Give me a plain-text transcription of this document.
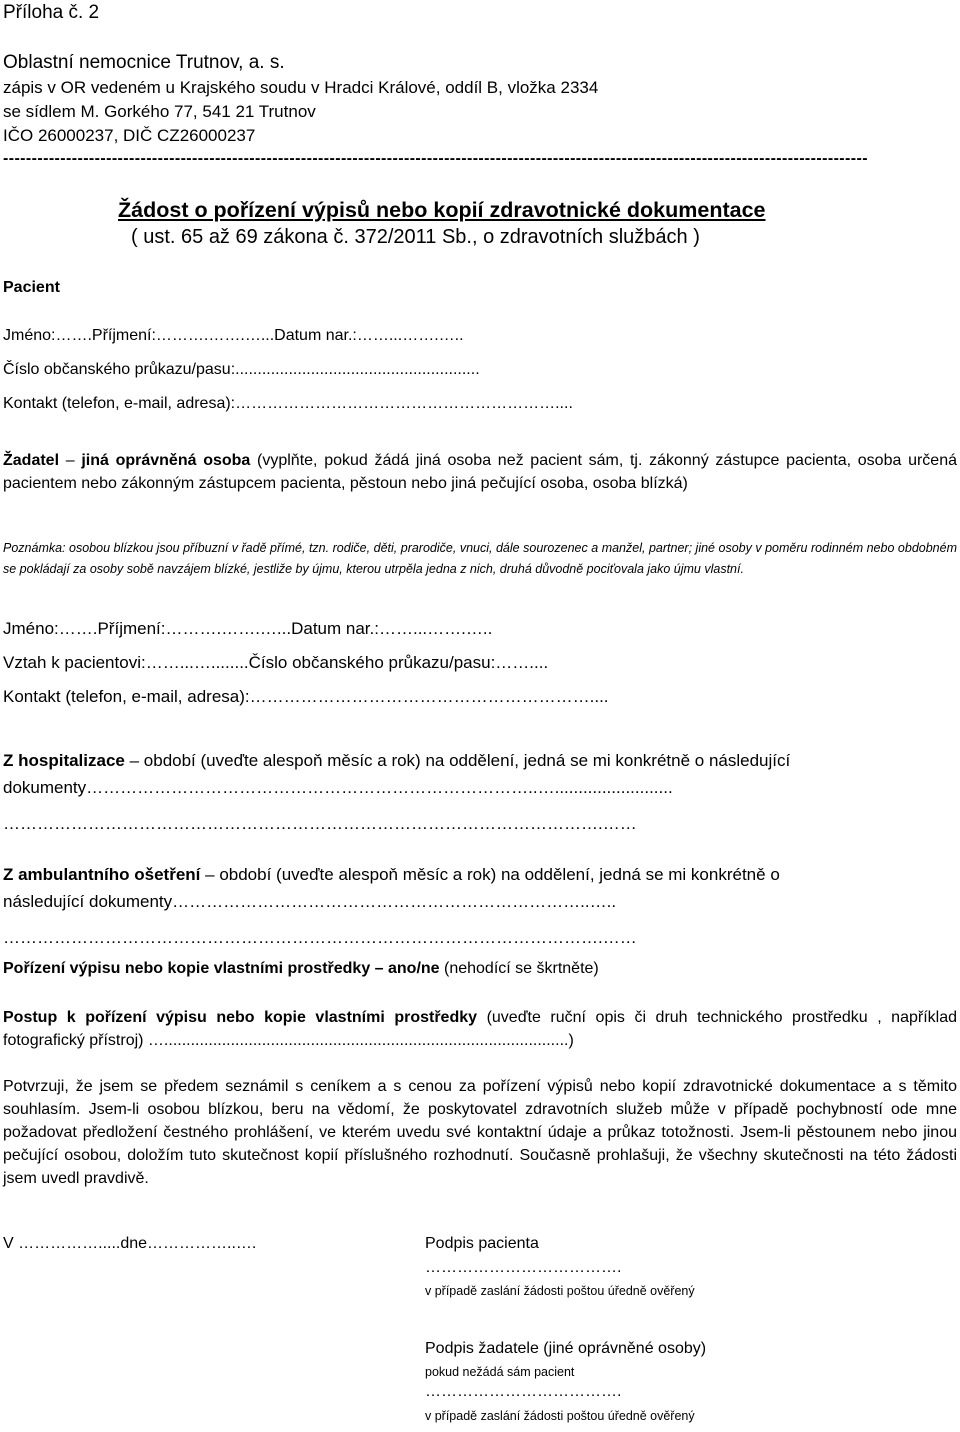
Příloha č. 2
Oblastní nemocnice Trutnov, a. s.
zápis v OR vedeném u Krajského soudu v Hradci Králové, oddíl B, vložka 2334
se sídlem M. Gorkého 77, 541 21 Trutnov
IČO 26000237, DIČ CZ26000237
-------------------------------------------------------------------------------------------------------------------------------------------------------
Žádost o pořízení výpisů nebo kopií zdravotnické dokumentace
( ust. 65 až 69 zákona č. 372/2011 Sb., o zdravotních službách )
Pacient
Jméno:…….Příjmení:……….…….…...Datum nar.:……...…….…..
Číslo občanského průkazu/pasu:.......................................................
Kontakt (telefon, e-mail, adresa):……………………………………………………....
Žadatel – jiná oprávněná osoba (vyplňte, pokud žádá jiná osoba než pacient sám, tj. zákonný zástupce pacienta, osoba určená pacientem nebo zákonným zástupcem pacienta, pěstoun nebo jiná pečující osoba, osoba blízká)
Poznámka: osobou blízkou jsou příbuzní v řadě přímé, tzn. rodiče, děti, prarodiče, vnuci, dále sourozenec a manžel, partner; jiné osoby v poměru rodinném nebo obdobném se pokládají za osoby sobě navzájem blízké, jestliže by újmu, kterou utrpěla jedna z nich, druhá důvodně pociťovala jako újmu vlastní.
Jméno:…….Příjmení:……….…….…...Datum nar.:……...…….…..
Vztah k pacientovi:……...…........Číslo občanského průkazu/pasu:……....
Kontakt (telefon, e-mail, adresa):……………………………………………………....
Z hospitalizace – období (uveďte alespoň měsíc a rok) na oddělení, jedná se mi konkrétně o následující
dokumenty……………………………………………………………………..….........................
…………………………………………………………………………………………….……
Z ambulantního ošetření – období (uveďte alespoň měsíc a rok) na oddělení, jedná se mi konkrétně o
následující dokumenty………………………………………………………………..…..
…………………………………………………………………………………………….……
Pořízení výpisu nebo kopie vlastními prostředky – ano/ne (nehodící se škrtněte)
Postup k pořízení výpisu nebo kopie vlastními prostředky (uveďte ruční opis či druh technického prostředku , například fotografický přístroj) …...........................................................................................)
Potvrzuji, že jsem se předem seznámil s ceníkem a s cenou za pořízení výpisů nebo kopií zdravotnické dokumentace a s těmito souhlasím. Jsem-li osobou blízkou, beru na vědomí, že poskytovatel zdravotních služeb může v případě pochybností ode mne požadovat předložení čestného prohlášení, ve kterém uvedu své kontaktní údaje a průkaz totožnosti. Jsem-li pěstounem nebo jinou pečující osobou, doložím tuto skutečnost kopií příslušného rozhodnutí. Současně prohlašuji, že všechny skutečnosti na této žádosti jsem uvedl pravdivě.
V …………….....dne……………..….	Podpis pacienta
……………………………….
v případě zaslání žádosti poštou úředně ověřený
Podpis žadatele (jiné oprávněné osoby)
pokud nežádá sám pacient
……………………………….
v případě zaslání žádosti poštou úředně ověřený
